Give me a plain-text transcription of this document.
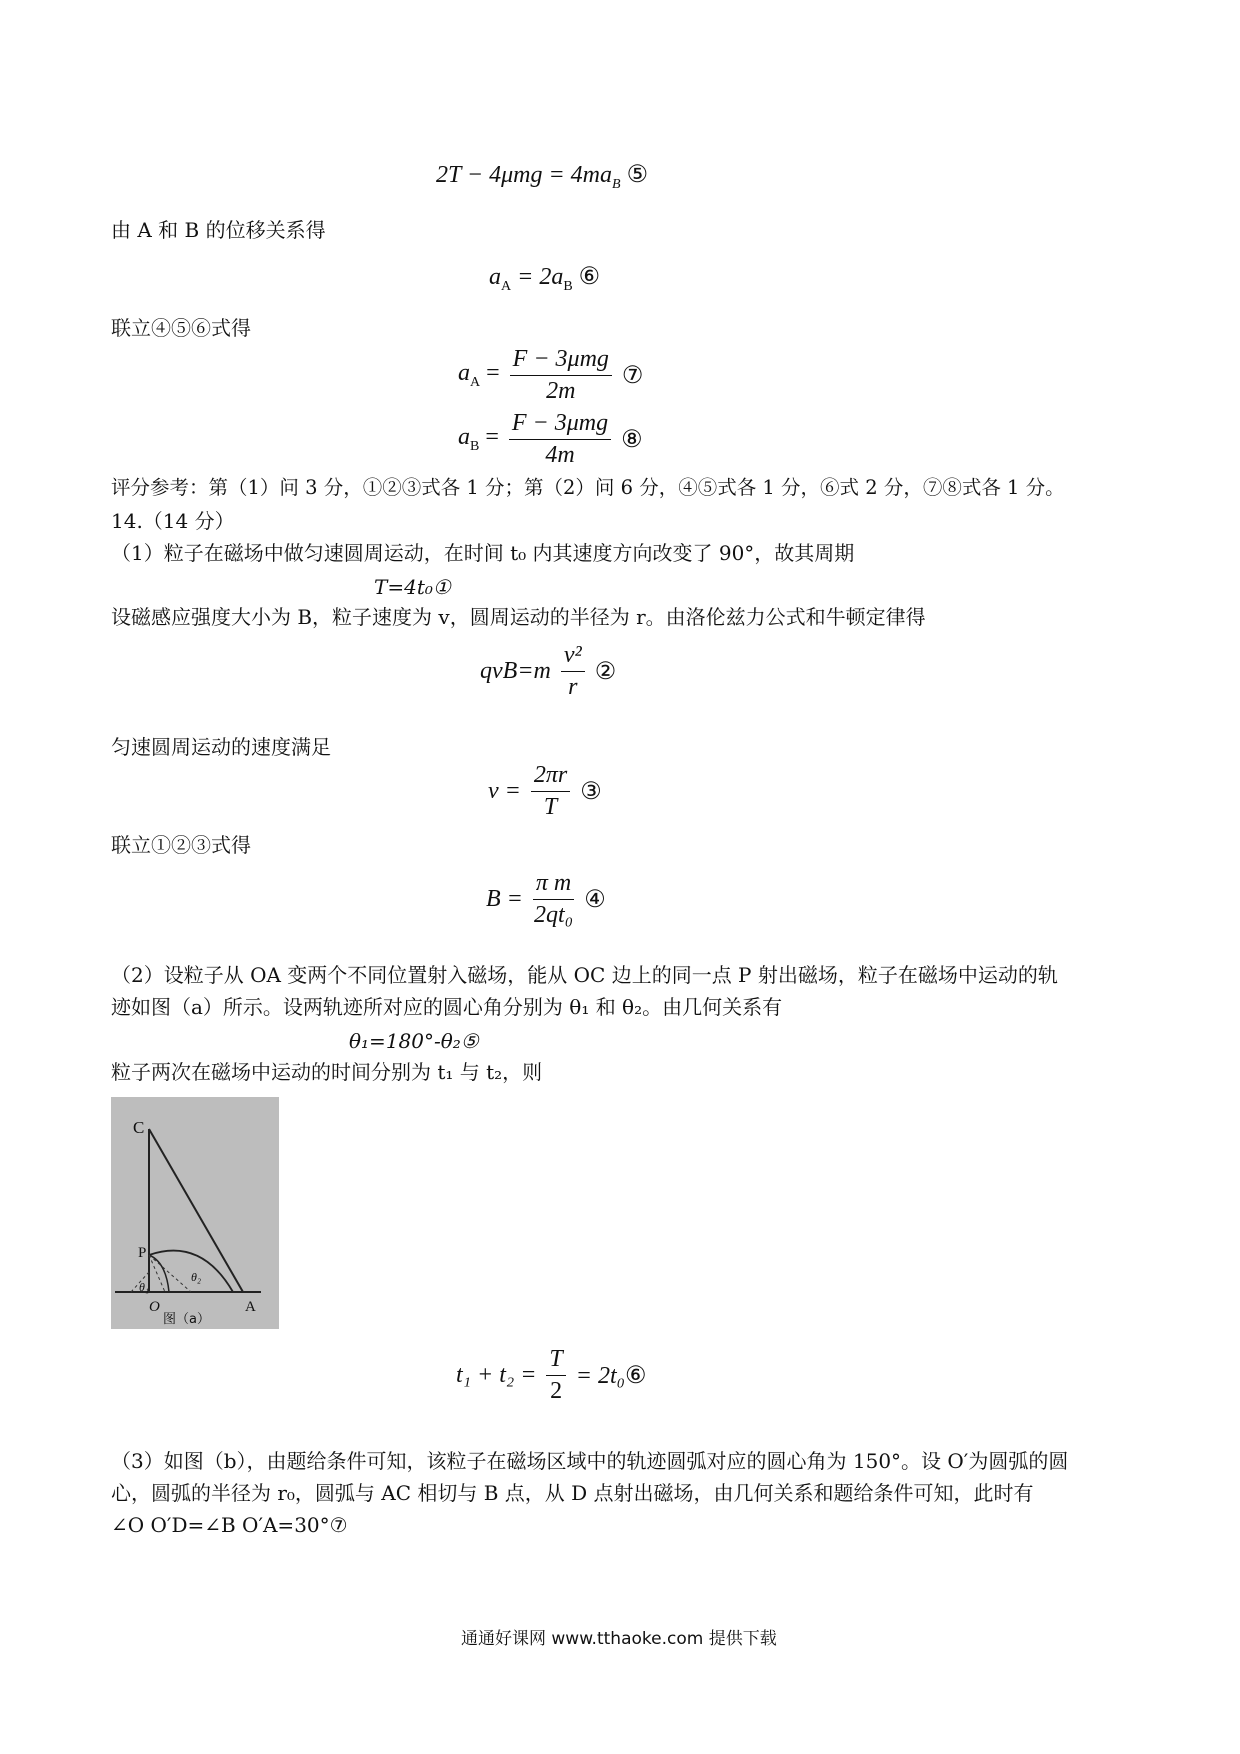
$2T - 4\mu mg = 4ma_B$ ⑤
由 A 和 B 的位移关系得
$a_A = 2a_B$ ⑥
联立④⑤⑥式得
$a_A = \frac{\text{F − 3μmg}}{2m}$ ⑦
$a_B = \frac{\text{F − 3μmg}}{4m}$ ⑧
评分参考：第（1）问 3 分，①②③式各 1 分；第（2）问 6 分，④⑤式各 1 分，⑥式 2 分，⑦⑧式各 1 分。
14.（14 分）
（1）粒子在磁场中做匀速圆周运动，在时间 t₀ 内其速度方向改变了 90°，故其周期
T=4t₀①
设磁感应强度大小为 B，粒子速度为 v，圆周运动的半径为 r。由洛伦兹力公式和牛顿定律得
$qvB=m \frac{\text{v²}}{r}$ ②
匀速圆周运动的速度满足
$v = \frac{2\pi r}{T}$ ③
联立①②③式得
$B = \frac{\text{π m}}{\text{2qt₀}}$ ④
（2）设粒子从 OA 变两个不同位置射入磁场，能从 OC 边上的同一点 P 射出磁场，粒子在磁场中运动的轨
迹如图（a）所示。设两轨迹所对应的圆心角分别为 θ₁ 和 θ₂。由几何关系有
θ₁=180°-θ₂⑤
粒子两次在磁场中运动的时间分别为 t₁ 与 t₂，则
C
P
O	A
θ₁
θ₂
图（a）
$t_1 + t_2 = \frac{T}{2}$ = 2t₀⑥
（3）如图（b），由题给条件可知，该粒子在磁场区域中的轨迹圆弧对应的圆心角为 150°。设 O′为圆弧的圆
心，圆弧的半径为 r₀，圆弧与 AC 相切与 B 点，从 D 点射出磁场，由几何关系和题给条件可知，此时有
∠O O′D=∠B O′A=30°⑦
通通好课网 www.tthaoke.com 提供下载
